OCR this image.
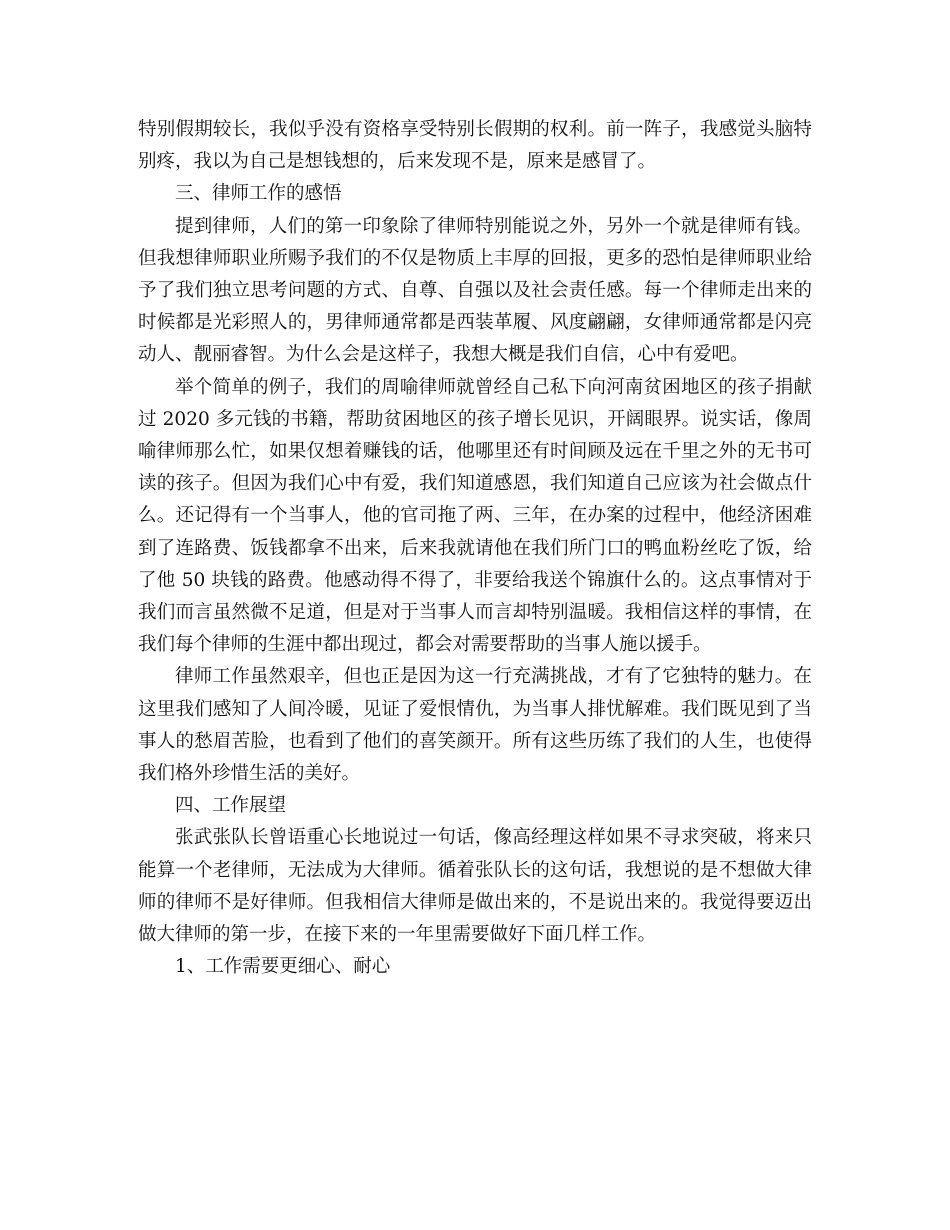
特别假期较长，我似乎没有资格享受特别长假期的权利。前一阵子，我感觉头脑特别疼，我以为自己是想钱想的，后来发现不是，原来是感冒了。

三、律师工作的感悟

提到律师，人们的第一印象除了律师特别能说之外，另外一个就是律师有钱。但我想律师职业所赐予我们的不仅是物质上丰厚的回报，更多的恐怕是律师职业给予了我们独立思考问题的方式、自尊、自强以及社会责任感。每一个律师走出来的时候都是光彩照人的，男律师通常都是西装革履、风度翩翩，女律师通常都是闪亮动人、靓丽睿智。为什么会是这样子，我想大概是我们自信，心中有爱吧。

举个简单的例子，我们的周喻律师就曾经自己私下向河南贫困地区的孩子捐献过 2020 多元钱的书籍，帮助贫困地区的孩子增长见识，开阔眼界。说实话，像周喻律师那么忙，如果仅想着赚钱的话，他哪里还有时间顾及远在千里之外的无书可读的孩子。但因为我们心中有爱，我们知道感恩，我们知道自己应该为社会做点什么。还记得有一个当事人，他的官司拖了两、三年，在办案的过程中，他经济困难到了连路费、饭钱都拿不出来，后来我就请他在我们所门口的鸭血粉丝吃了饭，给了他 50 块钱的路费。他感动得不得了，非要给我送个锦旗什么的。这点事情对于我们而言虽然微不足道，但是对于当事人而言却特别温暖。我相信这样的事情，在我们每个律师的生涯中都出现过，都会对需要帮助的当事人施以援手。

律师工作虽然艰辛，但也正是因为这一行充满挑战，才有了它独特的魅力。在这里我们感知了人间冷暖，见证了爱恨情仇，为当事人排忧解难。我们既见到了当事人的愁眉苦脸，也看到了他们的喜笑颜开。所有这些历练了我们的人生，也使得我们格外珍惜生活的美好。

四、工作展望

张武张队长曾语重心长地说过一句话，像高经理这样如果不寻求突破，将来只能算一个老律师，无法成为大律师。循着张队长的这句话，我想说的是不想做大律师的律师不是好律师。但我相信大律师是做出来的，不是说出来的。我觉得要迈出做大律师的第一步，在接下来的一年里需要做好下面几样工作。

1、工作需要更细心、耐心
